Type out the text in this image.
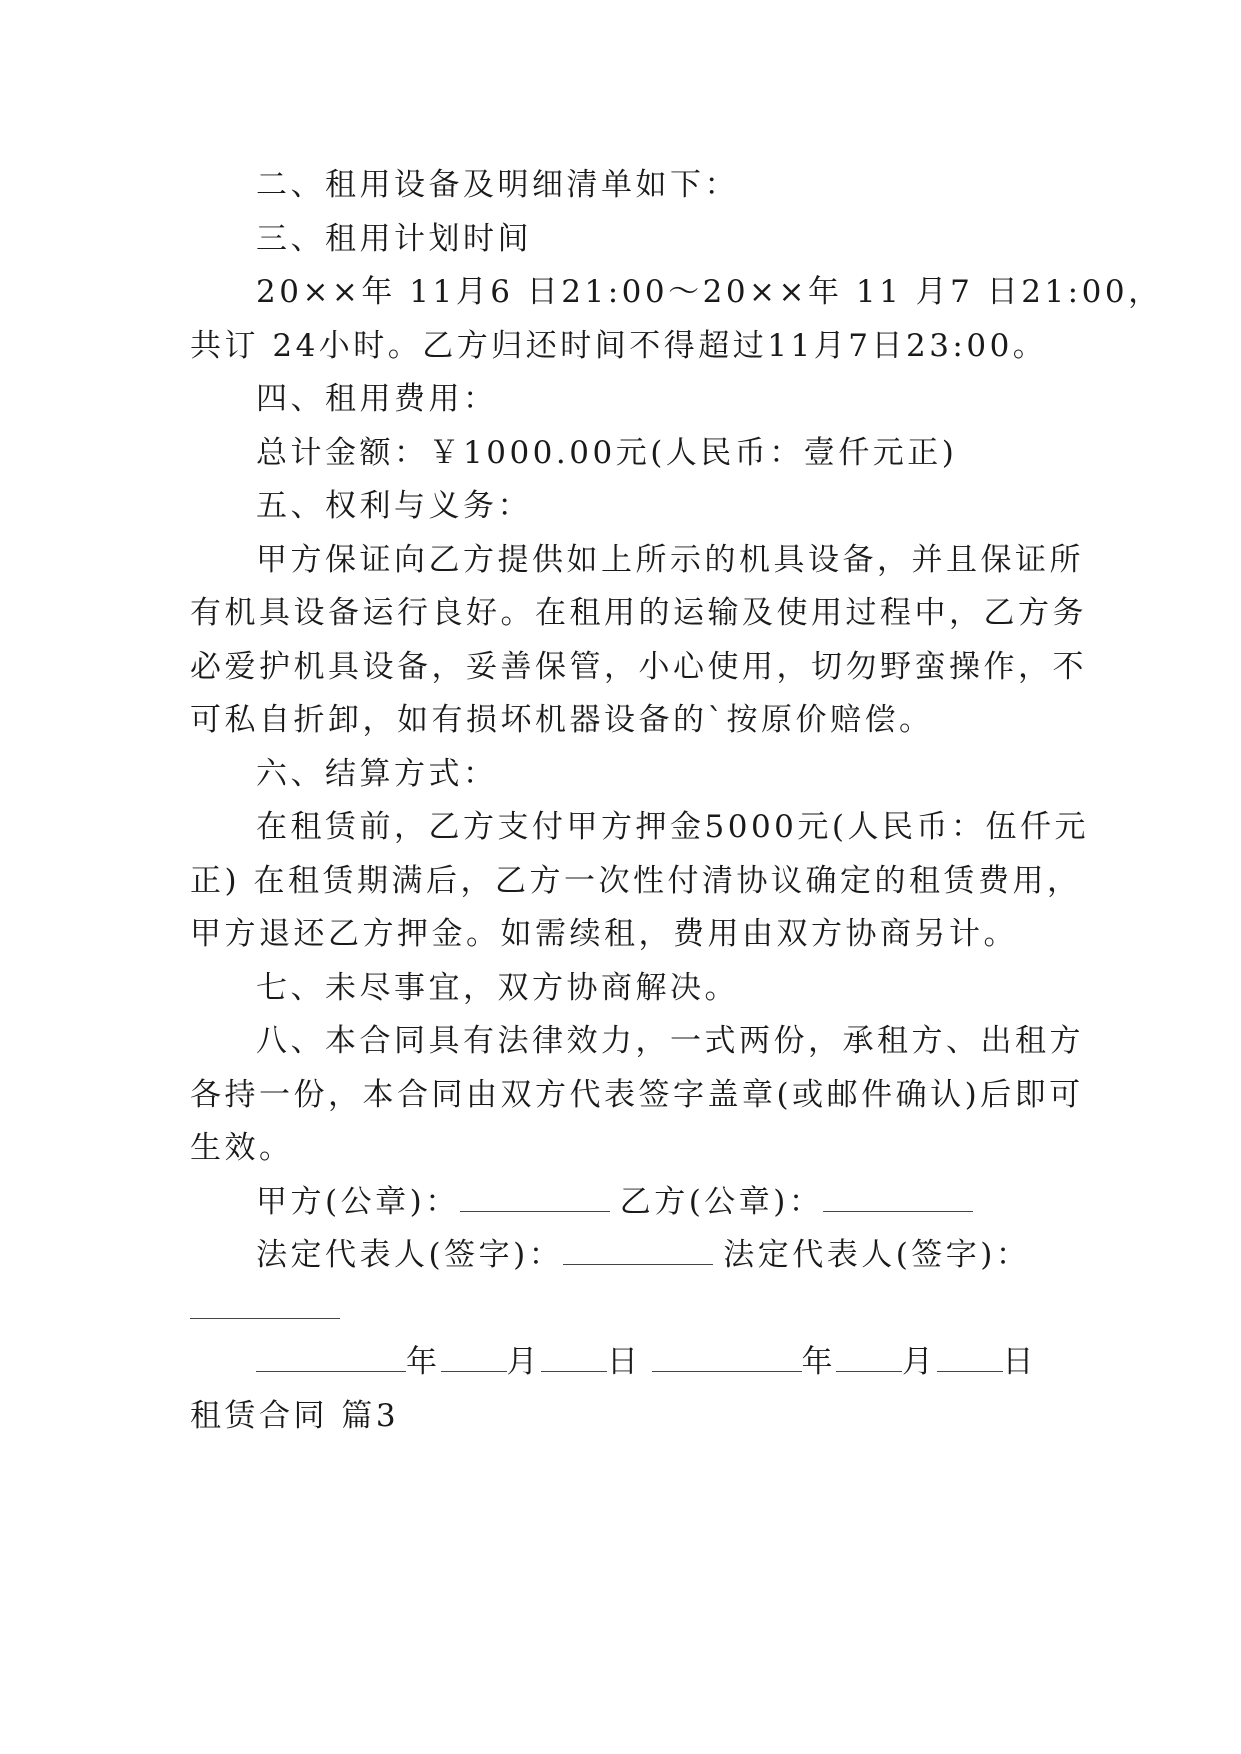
二、租用设备及明细清单如下：
三、租用计划时间
20××年 11月6 日21:00～20××年 11 月7 日21:00，
共订 24小时。乙方归还时间不得超过11月7日23:00。
四、租用费用：
总计金额：￥1000.00元(人民币：壹仟元正)
五、权利与义务：
甲方保证向乙方提供如上所示的机具设备，并且保证所
有机具设备运行良好。在租用的运输及使用过程中，乙方务
必爱护机具设备，妥善保管，小心使用，切勿野蛮操作，不
可私自折卸，如有损坏机器设备的`按原价赔偿。
六、结算方式：
在租赁前，乙方支付甲方押金5000元(人民币：伍仟元
正) 在租赁期满后，乙方一次性付清协议确定的租赁费用，
甲方退还乙方押金。如需续租，费用由双方协商另计。
七、未尽事宜，双方协商解决。
八、本合同具有法律效力，一式两份，承租方、出租方
各持一份，本合同由双方代表签字盖章(或邮件确认)后即可
生效。
甲方(公章)：	乙方(公章)：
法定代表人(签字)：	法定代表人(签字)：
年 月 日	年 月 日
租赁合同 篇3
